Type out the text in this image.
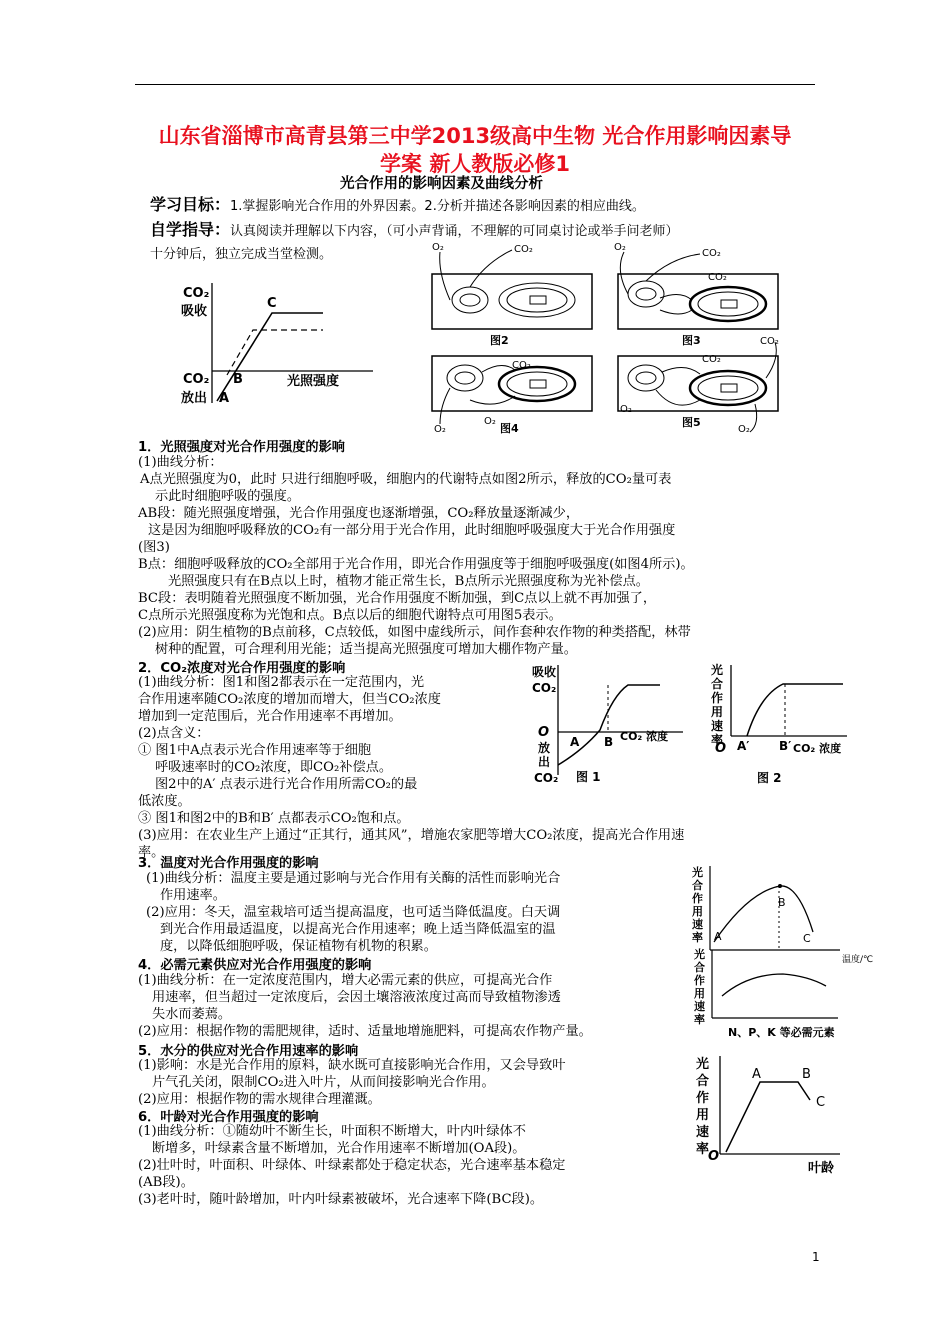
山东省淄博市高青县第三中学2013级高中生物 光合作用影响因素导
学案 新人教版必修1
光合作用的影响因素及曲线分析
学习目标：1.掌握影响光合作用的外界因素。2.分析并描述各影响因素的相应曲线。
自学指导：认真阅读并理解以下内容，（可小声背诵，不理解的可同桌讨论或举手问老师）
十分钟后，独立完成当堂检测。
CO₂
吸收
CO₂
放出
光照强度
A
B
C
CO₂
O₂
图2
CO₂
CO₂
O₂
图3
CO₂
O₂
O₂	图4
CO₂
CO₂
O₂
O₂
图5
1．光照强度对光合作用强度的影响
(1)曲线分析：
A点光照强度为0，此时 只进行细胞呼吸，细胞内的代谢特点如图2所示，释放的CO₂量可表
示此时细胞呼吸的强度。
AB段：随光照强度增强，光合作用强度也逐渐增强，CO₂释放量逐渐减少，
这是因为细胞呼吸释放的CO₂有一部分用于光合作用，此时细胞呼吸强度大于光合作用强度
(图3)
B点：细胞呼吸释放的CO₂全部用于光合作用，即光合作用强度等于细胞呼吸强度(如图4所示)。
光照强度只有在B点以上时，植物才能正常生长，B点所示光照强度称为光补偿点。
BC段：表明随着光照强度不断加强，光合作用强度不断加强，到C点以上就不再加强了，
C点所示光照强度称为光饱和点。B点以后的细胞代谢特点可用图5表示。
(2)应用：阴生植物的B点前移，C点较低，如图中虚线所示，间作套种农作物的种类搭配，林带
树种的配置，可合理利用光能；适当提高光照强度可增加大棚作物产量。
2．CO₂浓度对光合作用强度的影响
(1)曲线分析：图1和图2都表示在一定范围内，光
合作用速率随CO₂浓度的增加而增大，但当CO₂浓度
增加到一定范围后，光合作用速率不再增加。
(2)点含义：
① 图1中A点表示光合作用速率等于细胞
呼吸速率时的CO₂浓度，即CO₂补偿点。
图2中的A′ 点表示进行光合作用所需CO₂的最
低浓度。
③ 图1和图2中的B和B′ 点都表示CO₂饱和点。
(3)应用：在农业生产上通过“正其行，通其风”，增施农家肥等增大CO₂浓度，提高光合作用速
率。
吸收
CO₂
O
放
出
CO₂
A B CO₂ 浓度
图 1
光合作用速率
光
合
作
用
速
率
O A′ B′ CO₂ 浓度
图 2
3．温度对光合作用强度的影响
(1)曲线分析：温度主要是通过影响与光合作用有关酶的活性而影响光合
作用速率。
(2)应用：冬天，温室栽培可适当提高温度，也可适当降低温度。白天调
到光合作用最适温度，以提高光合作用速率；晚上适当降低温室的温
度，以降低细胞呼吸，保证植物有机物的积累。
光合作用速率
光
合
作
用
速
率 A
B
C
温度/℃
4．必需元素供应对光合作用强度的影响
(1)曲线分析：在一定浓度范围内，增大必需元素的供应，可提高光合作
用速率，但当超过一定浓度后，会因土壤溶液浓度过高而导致植物渗透
失水而萎蔫。
(2)应用：根据作物的需肥规律，适时、适量地增施肥料，可提高农作物产量。
光合作用速率
光
合
作
用
速
率
N、P、K 等必需元素
5．水分的供应对光合作用速率的影响
(1)影响：水是光合作用的原料，缺水既可直接影响光合作用，又会导致叶
片气孔关闭，限制CO₂进入叶片，从而间接影响光合作用。
(2)应用：根据作物的需水规律合理灌溉。
6．叶龄对光合作用强度的影响
(1)曲线分析：①随幼叶不断生长，叶面积不断增大，叶内叶绿体不
断增多，叶绿素含量不断增加，光合作用速率不断增加(OA段)。
(2)壮叶时，叶面积、叶绿体、叶绿素都处于稳定状态，光合速率基本稳定
(AB段)。
(3)老叶时，随叶龄增加，叶内叶绿素被破坏，光合速率下降(BC段)。
光合作用速率
光
合
作
用
速
率
O
A	B
C
叶龄
1
